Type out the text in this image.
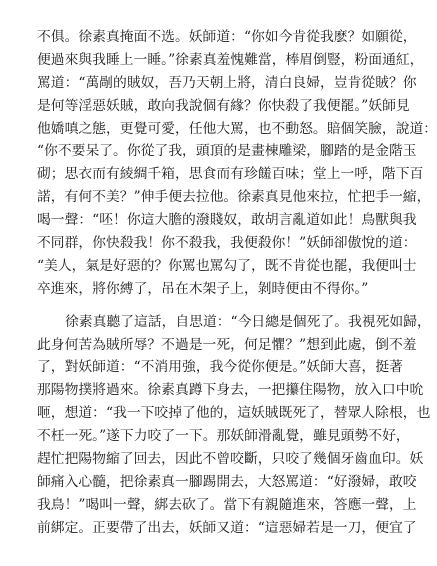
不俱。徐素真掩面不选。妖師道：“你如今肯從我麽？如願從，
便過來與我睡上一睡。”徐素真羞愧難當，棒眉倒豎，粉面通紅，
罵道：“萬剮的賊奴，吾乃天朝上將，清白良婦，豈肯從賊？你
是何等淫惡妖賊，敢向我說個有緣？你快殺了我便罷。”妖師見
他嬌嗔之態，更覺可愛，任他大罵，也不動怒。賠個笑臉，說道：
“你不要呆了。你從了我，頭頂的是畫棟雕梁，腳踏的是金階玉
砌；思衣而有綾綢千箱，思食而有珍饈百味；堂上一呼，階下百
諾，有何不美？”伸手便去拉他。徐素真見他來拉，忙把手一縮，
喝一聲：“呸！你這大膽的潑賤奴，敢胡言亂道如此！鳥獸與我
不同群，你快殺我！你不殺我，我便殺你！”妖師卻傲悅的道：
“美人，氣是好惡的？你罵也罵勾了，既不肯從也罷，我便叫士
卒進來，將你縛了，吊在木架子上，剝時便由不得你。”

徐素真聽了這話，自思道：“今日總是個死了。我視死如歸，
此身何苦為賊所辱？不過是一死，何足懼？”想到此處，倒不羞
了，對妖師道：“不消用強，我今從你便是。”妖師大喜，挺著
那陽物撲將過來。徐素真蹲下身去，一把攥住陽物，放入口中吮
咂，想道：“我一下咬掉了他的，這妖賊既死了，替眾人除根，也
不枉一死。”遂下力咬了一下。那妖師滑亂覺，雖見頭勢不好，
趕忙把陽物縮了回去，因此不曾咬斷，只咬了幾個牙齒血印。妖
師痛入心髓，把徐素真一腳踢開去，大怒罵道：“好潑婦，敢咬
我鳥！”喝叫一聲，綁去砍了。當下有親隨進來，答應一聲，上
前綁定。正要帶了出去，妖師又道：“這惡婦若是一刀，便宜了
